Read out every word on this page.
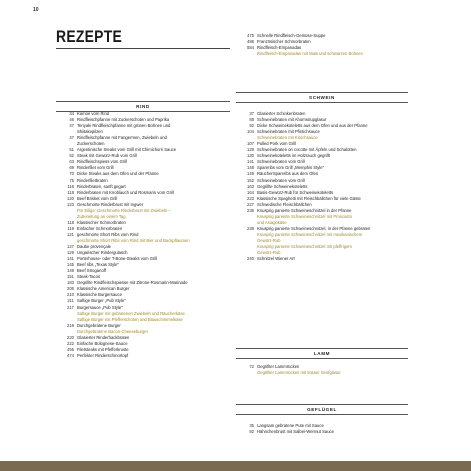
10
REZEPTE
RIND
34 Kamoe vom Rind
46 Rindfleischpfanne mit Zuckerschoten und Paprika
47 Teriyaki Rindfleischpfanne mit grünen Bohnen und
Shiitakepilzen
47 Rindfleischpfanne mit Fangermen, Zwiebeln und
Zuckerschoten
51 Argentinische Steaks vom Grill mit Chimichurri Sauce
52 Steak mit Gewürz-Rub vom Grill
63 Rindfleischspiess vom Grill
69 Rinderfilet vom Grill
70 Dicke Steaks aus dem Ofen und der Pfanne
75 Rinderfiletbraten
116 Rinderbraten, sanft gegart
118 Rinderbraten mit Knoblauch und Rosmarin vom Grill
120 Beef Brisket vom Grill
123 Geschmorte Rinderbrust mit Ingwer
Für Eilige: Geschmorte Rinderbrust mit Zwiebeln –
Zubereitung an einem Tag
118 Klassischer Schmorbraten
119 Einfacher Schmorbraten
121 geschmorte Short Ribs vom Rind
geschmorte Short Ribs vom Rind mit Bier und Backpflaumen
127 Daube provençale
129 Ungarischer Rindergulasch
141 Porterhouse- oder T-Bone-Steaks vom Grill
145 Beef ribs „Texas Style"
149 Beef Stroganoff
151 Steak-Tacos
183 Gegrillte Rindfleischspiesse mit Zitrone-Rosmarin-Marinade
206 Klassische American Burger
210 Klassische Burgersauce
211 Saftige Burger „Pub Style"
217 Burgersauce „Pub Style"
Saftige Burger mit gebratenen Zwiebeln und Räucherkäse
Saftige Burger mit Pfefferschoten und Blauschimmelkäse
218 Durchgebratene Burger
Durchgebratene Bacon-Cheeseburger
220 Glasierter Rinderhackbraten
222 Einfache Bolognese-Sauce
455 Filetsteaks mit Pfefferkruste
474 Perfekter Rinderschmortopf
475 Schnelle Rindfleisch-Gemüse-Suppe
488 Französischer Schmorbraten
584 Rindfleisch-Empanadas
Rindfleisch-Empanadas mit Mais und schwarzen Bohnen
SCHWEIN
37 Glasierter Schinkenbraten
88 Schweinebraten mit Ahornsirupglasur
92 Dicke Schweinekoteletts aus dem Ofen und aus der Pfanne
104 Schweinebraten mit Pfirsichsauce
Schweinebraten mit Kirschsauce
107 Pulled Pork vom Grill
128 Schweinebraten on cocotte mit Äpfeln und Schalotten
130 Schweinekoteletts im Holzrauch gegrillt
141 Schweinebraten vom Grill
148 Spareribs vom Grill „Memphis Style"
149 RäucherSpareribs aus dem Ofen
152 Schweinebraten vom Grill
163 Gegrillte Schweinekoteletts
164 Basis-Gewürz-Rub für Schweinekoteletts
223 Klassische Spaghetti mit Fleischbällchen für viele Gäste
227 Schwedische Fleischbällchen
236 Knusprig panierte Schweineschnitzel in der Pfanne
Knusprig panierte Schweineschnitzel mit Prosciutto
und Asiagokäse
238 Knusprig panierte Schweineschnitzel, in der Pfanne gebraten
Knusprig panierte Schweineschnitzel mit mexikanischem
Gewürz-Rub
Knusprig panierte Schweineschnitzel mit pfeffrigem
Gewürz-Rub
240 Schnitzel Wiener Art
LAMM
72 Gegrillter Lammrücken
Gegrillter Lammrücken mit süsser Senfglasur
GEFLÜGEL
35 Langsam gebratene Pute mit Sauce
92 Hähnchenbrust mit Salbei-Wermut Sauce
